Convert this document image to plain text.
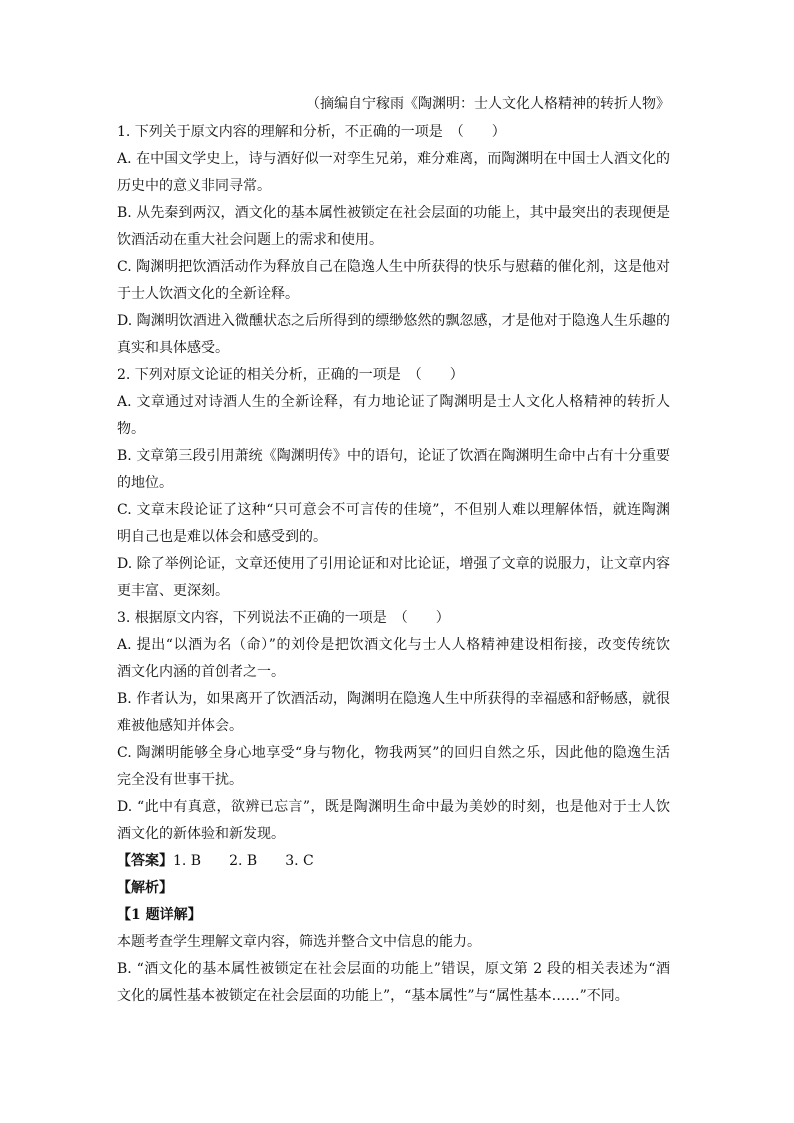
（摘编自宁稼雨《陶渊明：士人文化人格精神的转折人物》

1. 下列关于原文内容的理解和分析，不正确的一项是　（　　）

A. 在中国文学史上，诗与酒好似一对孪生兄弟，难分难离，而陶渊明在中国士人酒文化的

历史中的意义非同寻常。

B. 从先秦到两汉，酒文化的基本属性被锁定在社会层面的功能上，其中最突出的表现便是

饮酒活动在重大社会问题上的需求和使用。

C. 陶渊明把饮酒活动作为释放自己在隐逸人生中所获得的快乐与慰藉的催化剂，这是他对

于士人饮酒文化的全新诠释。

D. 陶渊明饮酒进入微醺状态之后所得到的缥缈悠然的飘忽感，才是他对于隐逸人生乐趣的

真实和具体感受。

2. 下列对原文论证的相关分析，正确的一项是　（　　）

A. 文章通过对诗酒人生的全新诠释，有力地论证了陶渊明是士人文化人格精神的转折人

物。

B. 文章第三段引用萧统《陶渊明传》中的语句，论证了饮酒在陶渊明生命中占有十分重要

的地位。

C. 文章末段论证了这种“只可意会不可言传的佳境”，不但别人难以理解体悟，就连陶渊

明自己也是难以体会和感受到的。

D. 除了举例论证，文章还使用了引用论证和对比论证，增强了文章的说服力，让文章内容

更丰富、更深刻。

3. 根据原文内容，下列说法不正确的一项是　（　　）

A. 提出“以酒为名（命）”的刘伶是把饮酒文化与士人人格精神建设相衔接，改变传统饮

酒文化内涵的首创者之一。

B. 作者认为，如果离开了饮酒活动，陶渊明在隐逸人生中所获得的幸福感和舒畅感，就很

难被他感知并体会。

C. 陶渊明能够全身心地享受“身与物化，物我两冥”的回归自然之乐，因此他的隐逸生活

完全没有世事干扰。

D. “此中有真意，欲辨已忘言”，既是陶渊明生命中最为美妙的时刻，也是他对于士人饮

酒文化的新体验和新发现。

【答案】1. B　　2. B　　3. C

【解析】

【1 题详解】

本题考查学生理解文章内容，筛选并整合文中信息的能力。

B. “酒文化的基本属性被锁定在社会层面的功能上”错误，原文第 2 段的相关表述为“酒

文化的属性基本被锁定在社会层面的功能上”，“基本属性”与“属性基本……”不同。
